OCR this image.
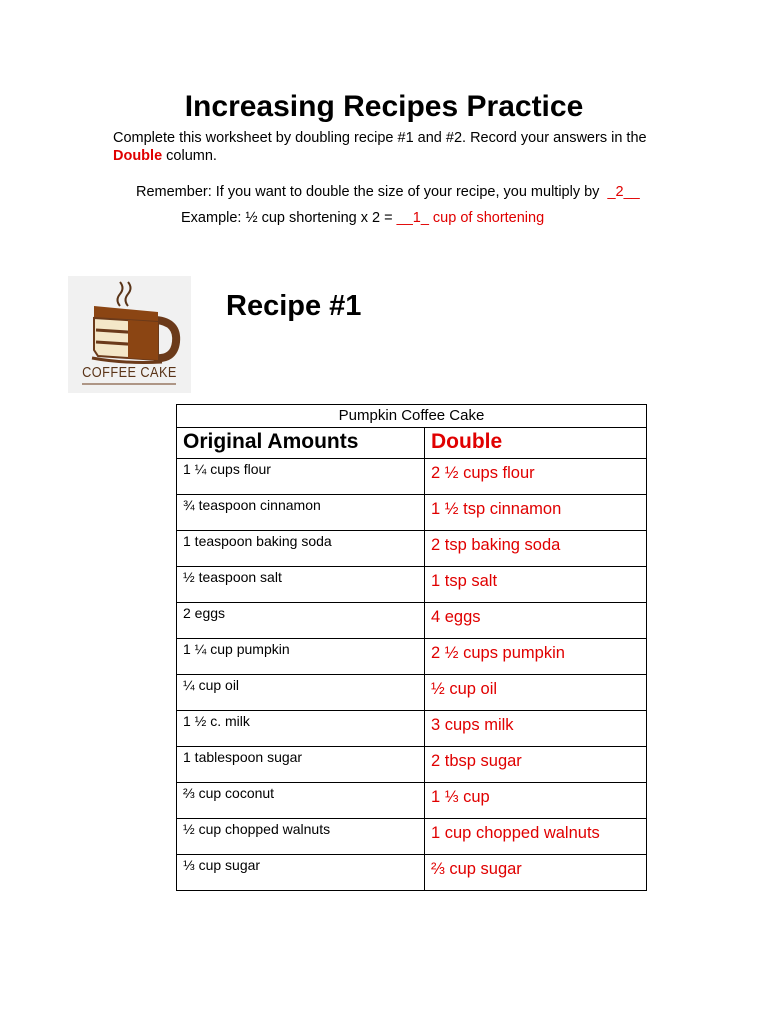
Increasing Recipes Practice
Complete this worksheet by doubling recipe #1 and #2. Record your answers in the
Double column.
Remember: If you want to double the size of your recipe, you multiply by _2__
Example: ½ cup shortening x 2 = __1_ cup of shortening
COFFEE CAKE
Recipe #1
Pumpkin Coffee Cake	
Original Amounts	Double
1 ¼ cups flour	2 ½ cups flour
¾ teaspoon cinnamon	1 ½ tsp cinnamon
1 teaspoon baking soda	2 tsp baking soda
½ teaspoon salt	1 tsp salt
2 eggs	4 eggs
1 ¼ cup pumpkin	2 ½ cups pumpkin
¼ cup oil	½ cup oil
1 ½ c. milk	3 cups milk
1 tablespoon sugar	2 tbsp sugar
⅔ cup coconut	1 ⅓ cup
½ cup chopped walnuts	1 cup chopped walnuts
⅓ cup sugar	⅔ cup sugar
